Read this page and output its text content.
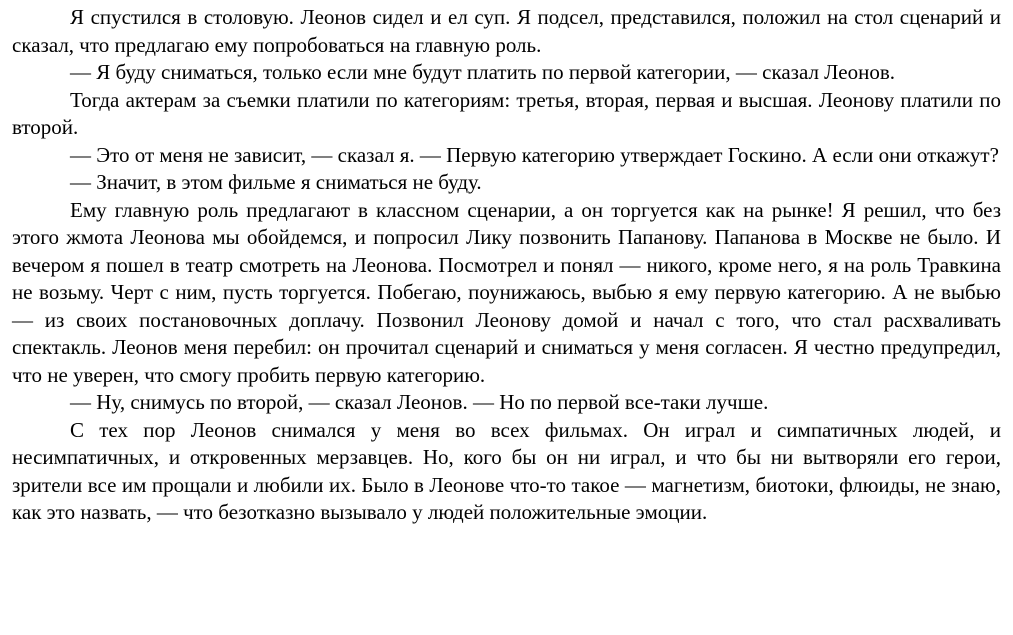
Я спустился в столовую. Леонов сидел и ел суп. Я подсел, представился, положил на стол сценарий и сказал, что предлагаю ему попробоваться на главную роль.

— Я буду сниматься, только если мне будут платить по первой категории, — сказал Леонов.

Тогда актерам за съемки платили по категориям: третья, вторая, первая и высшая. Леонову платили по второй.

— Это от меня не зависит, — сказал я. — Первую категорию утверждает Госкино. А если они откажут?

— Значит, в этом фильме я сниматься не буду.

Ему главную роль предлагают в классном сценарии, а он торгуется как на рынке! Я решил, что без этого жмота Леонова мы обойдемся, и попросил Лику позвонить Папанову. Папанова в Москве не было. И вечером я пошел в театр смотреть на Леонова. Посмотрел и понял — никого, кроме него, я на роль Травкина не возьму. Черт с ним, пусть торгуется. Побегаю, поунижаюсь, выбью я ему первую категорию. А не выбью — из своих постановочных доплачу. Позвонил Леонову домой и начал с того, что стал расхваливать спектакль. Леонов меня перебил: он прочитал сценарий и сниматься у меня согласен. Я честно предупредил, что не уверен, что смогу пробить первую категорию.

— Ну, снимусь по второй, — сказал Леонов. — Но по первой все-таки лучше.

С тех пор Леонов снимался у меня во всех фильмах. Он играл и симпатичных людей, и несимпатичных, и откровенных мерзавцев. Но, кого бы он ни играл, и что бы ни вытворяли его герои, зрители все им прощали и любили их. Было в Леонове что-то такое — магнетизм, биотоки, флюиды, не знаю, как это назвать, — что безотказно вызывало у людей положительные эмоции.
